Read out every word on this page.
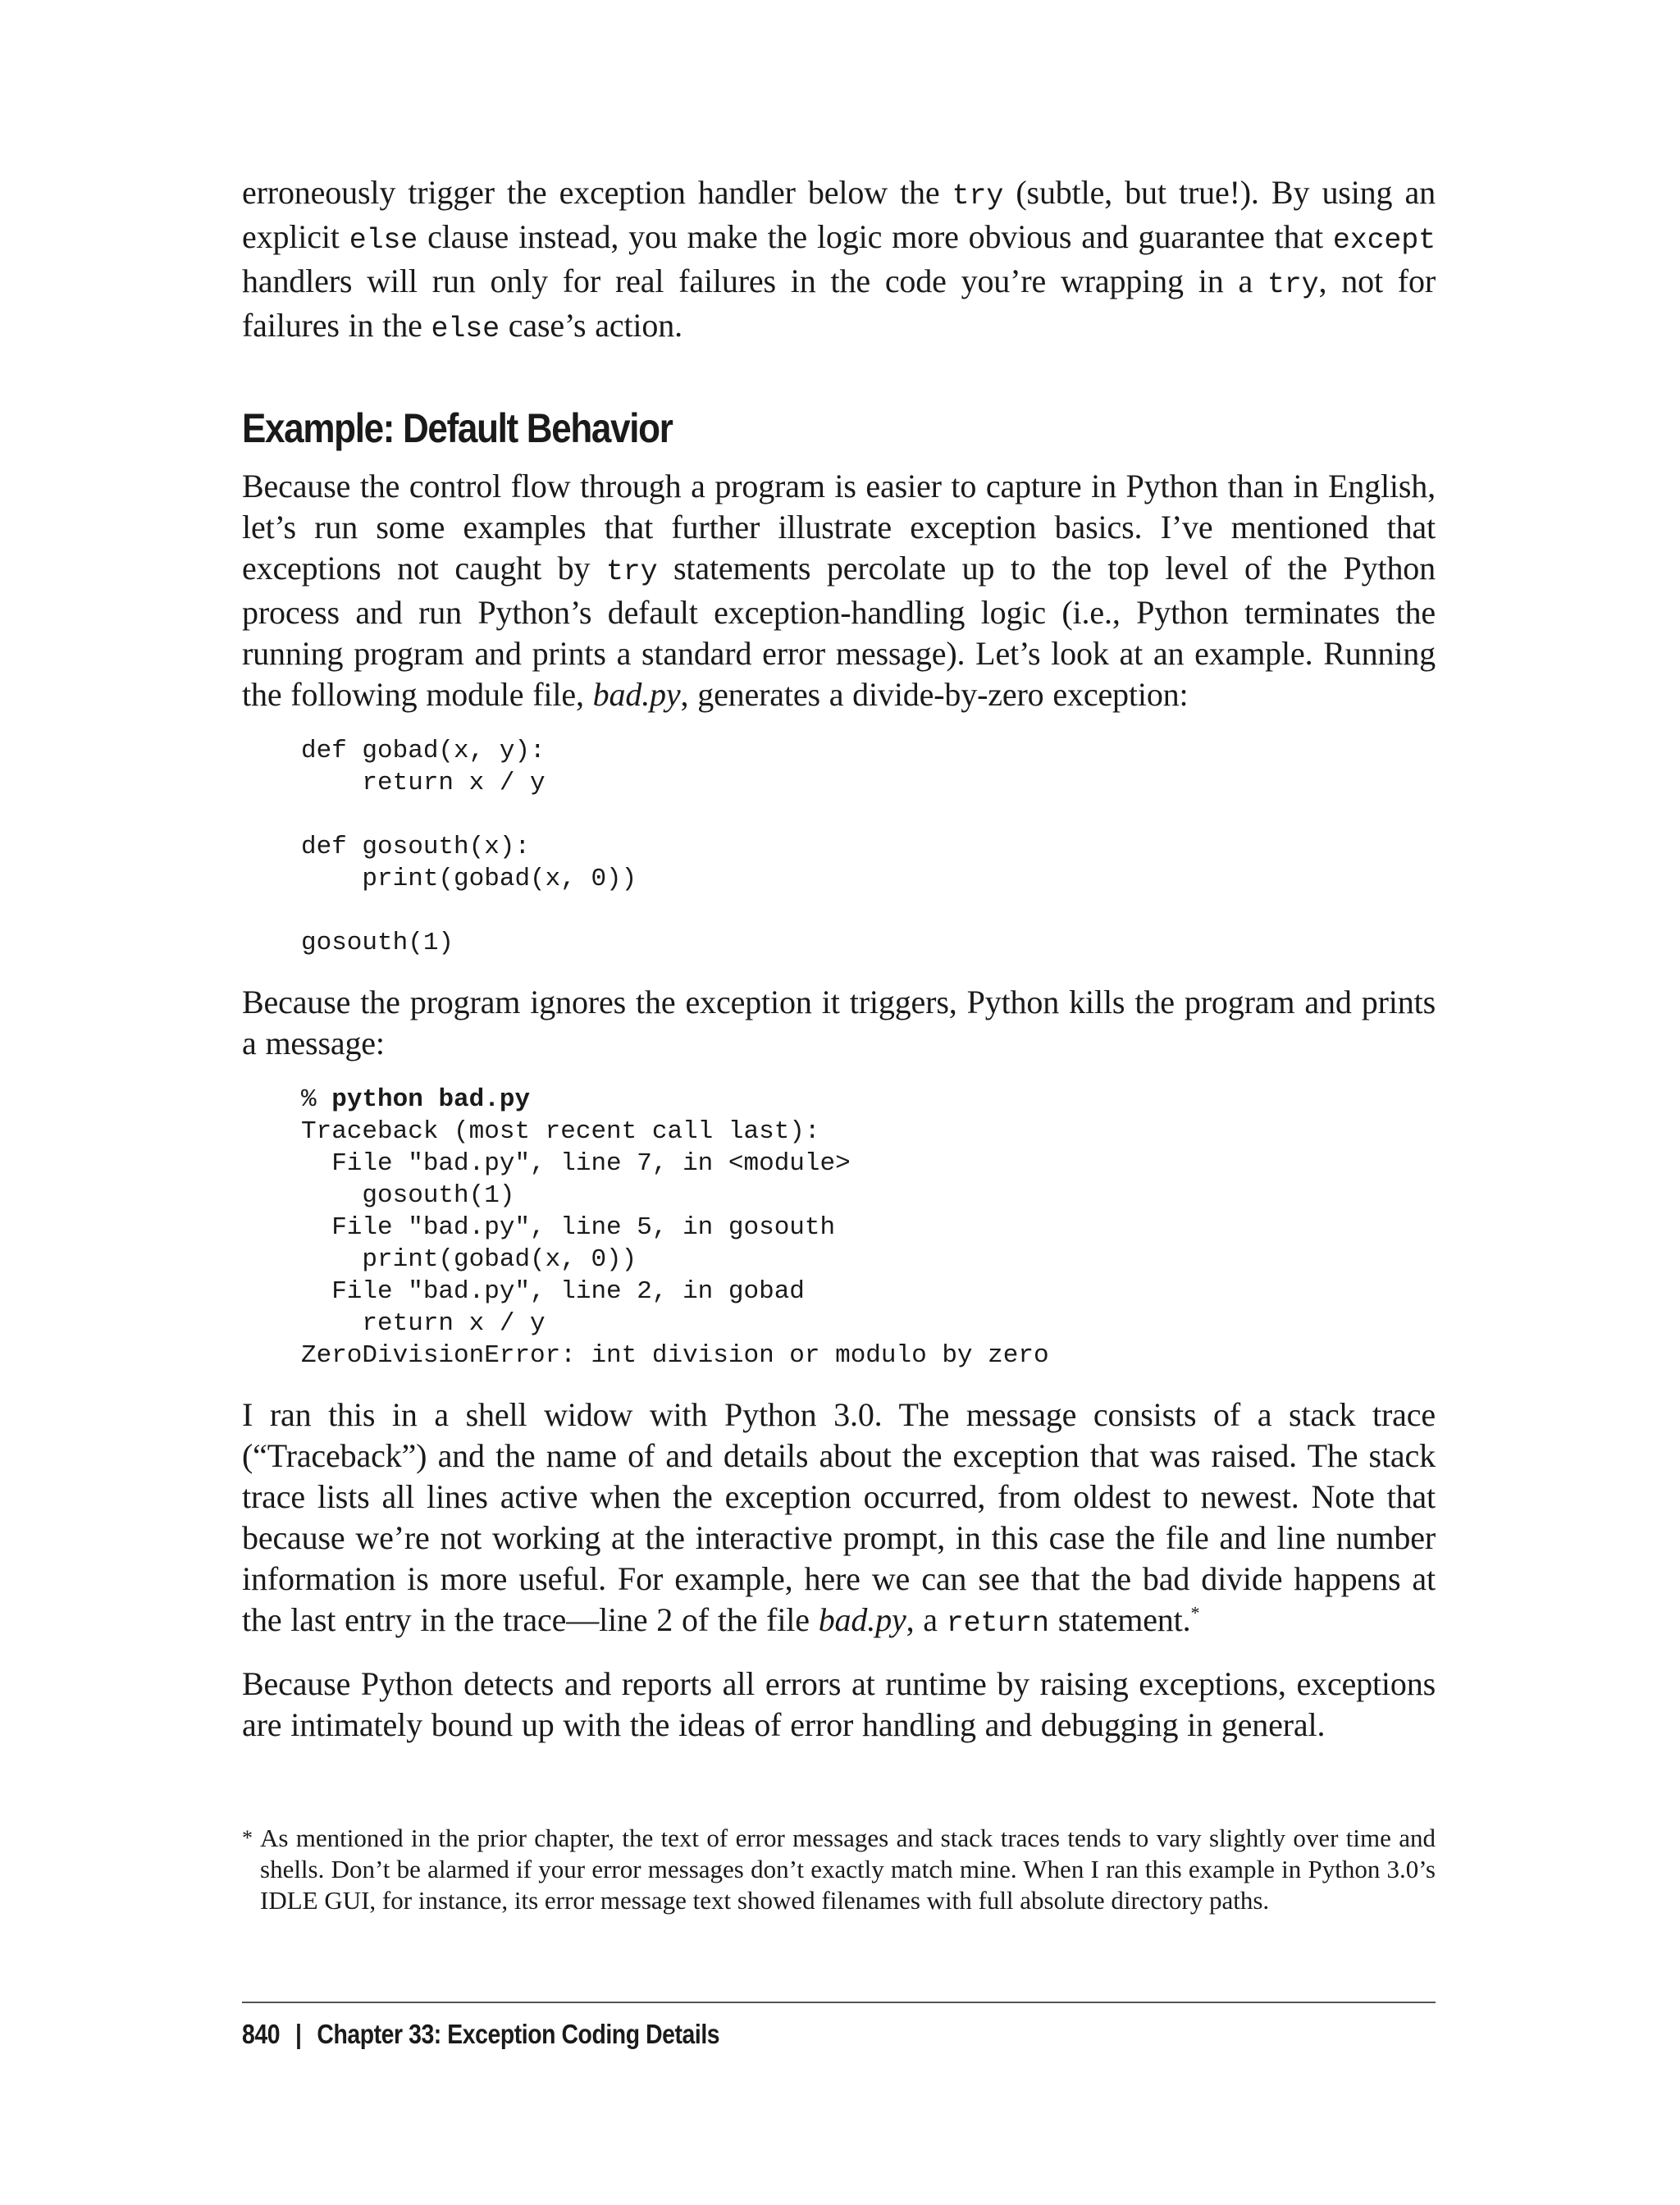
erroneously trigger the exception handler below the try (subtle, but true!). By using an explicit else clause instead, you make the logic more obvious and guarantee that except handlers will run only for real failures in the code you’re wrapping in a try, not for failures in the else case’s action.

Example: Default Behavior

Because the control flow through a program is easier to capture in Python than in English, let’s run some examples that further illustrate exception basics. I’ve mentioned that exceptions not caught by try statements percolate up to the top level of the Python process and run Python’s default exception-handling logic (i.e., Python terminates the running program and prints a standard error message). Let’s look at an example. Running the following module file, bad.py, generates a divide-by-zero exception:

def gobad(x, y):
return x / y
def gosouth(x):
print(gobad(x, 0))
gosouth(1)

Because the program ignores the exception it triggers, Python kills the program and prints a message:

% python bad.py
Traceback (most recent call last):
File "bad.py", line 7, in <module>
gosouth(1)
File "bad.py", line 5, in gosouth
print(gobad(x, 0))
File "bad.py", line 2, in gobad
return x / y
ZeroDivisionError: int division or modulo by zero

I ran this in a shell widow with Python 3.0. The message consists of a stack trace (“Traceback”) and the name of and details about the exception that was raised. The stack trace lists all lines active when the exception occurred, from oldest to newest. Note that because we’re not working at the interactive prompt, in this case the file and line number information is more useful. For example, here we can see that the bad divide happens at the last entry in the trace—line 2 of the file bad.py, a return statement.*

Because Python detects and reports all errors at runtime by raising exceptions, exceptions are intimately bound up with the ideas of error handling and debugging in general.

* As mentioned in the prior chapter, the text of error messages and stack traces tends to vary slightly over time and shells. Don’t be alarmed if your error messages don’t exactly match mine. When I ran this example in Python 3.0’s IDLE GUI, for instance, its error message text showed filenames with full absolute directory paths.
840 | Chapter 33: Exception Coding Details
